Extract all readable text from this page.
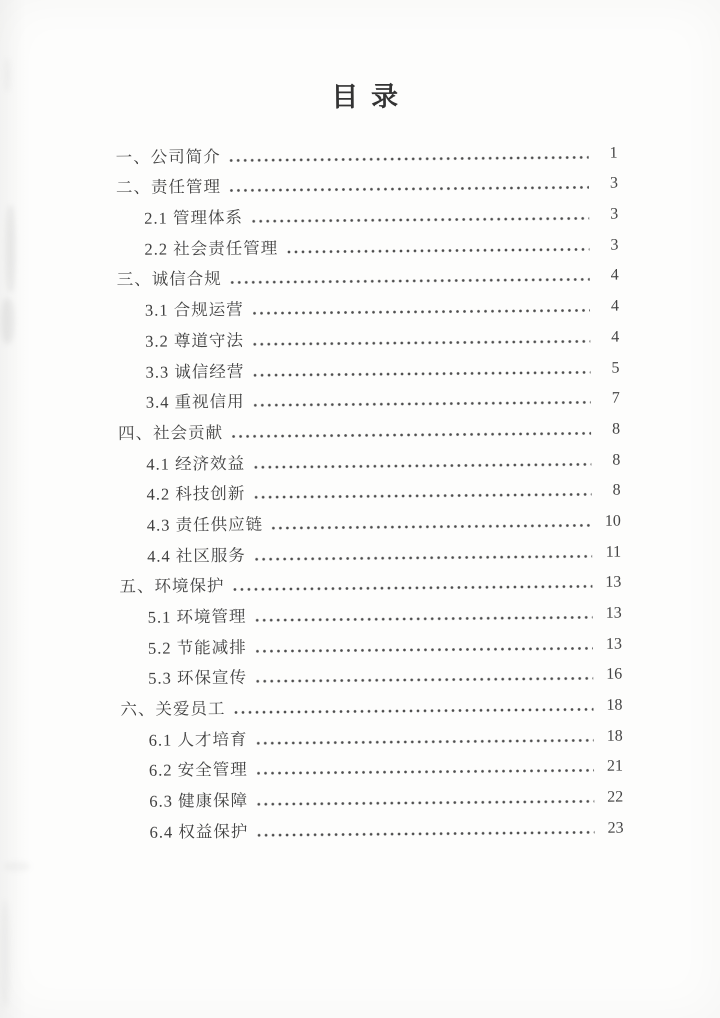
目 录
一、公司简介	1
二、责任管理	3
2.1 管理体系	3
2.2 社会责任管理	3
三、诚信合规	4
3.1 合规运营	4
3.2 尊道守法	4
3.3 诚信经营	5
3.4 重视信用	7
四、社会贡献	8
4.1 经济效益	8
4.2 科技创新	8
4.3 责任供应链	10
4.4 社区服务	11
五、环境保护	13
5.1 环境管理	13
5.2 节能减排	13
5.3 环保宣传	16
六、关爱员工	18
6.1 人才培育	18
6.2 安全管理	21
6.3 健康保障	22
6.4 权益保护	23
